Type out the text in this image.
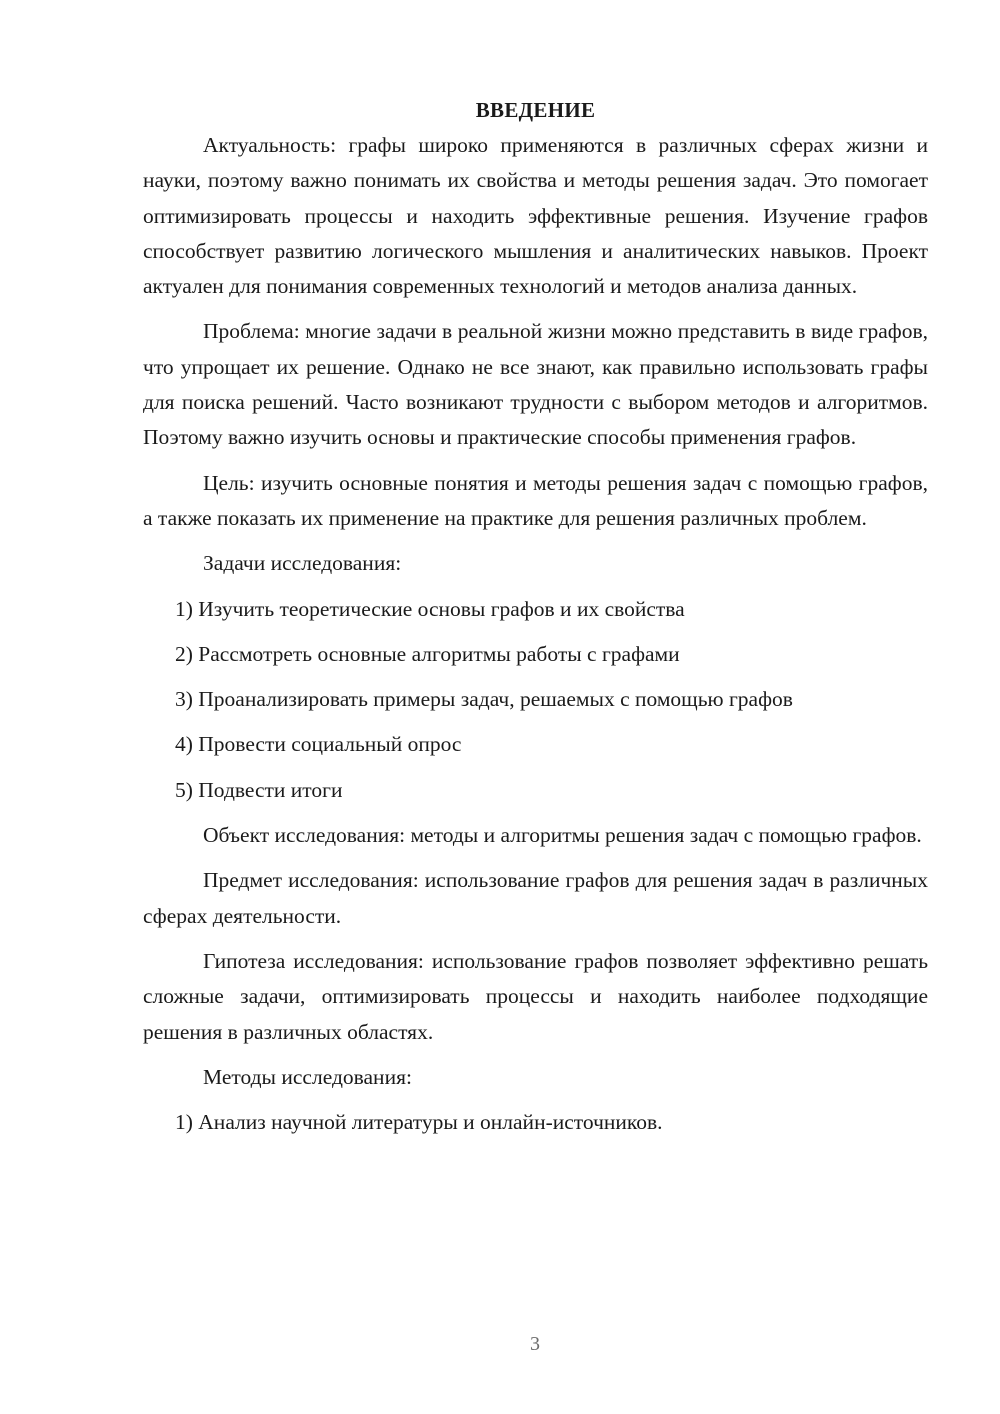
ВВЕДЕНИЕ

Актуальность: графы широко применяются в различных сферах жизни и науки, поэтому важно понимать их свойства и методы решения задач. Это помогает оптимизировать процессы и находить эффективные решения. Изучение графов способствует развитию логического мышления и аналитических навыков. Проект актуален для понимания современных технологий и методов анализа данных.

Проблема: многие задачи в реальной жизни можно представить в виде графов, что упрощает их решение. Однако не все знают, как правильно использовать графы для поиска решений. Часто возникают трудности с выбором методов и алгоритмов. Поэтому важно изучить основы и практические способы применения графов.

Цель: изучить основные понятия и методы решения задач с помощью графов, а также показать их применение на практике для решения различных проблем.

Задачи исследования:

1) Изучить теоретические основы графов и их свойства
2) Рассмотреть основные алгоритмы работы с графами
3) Проанализировать примеры задач, решаемых с помощью графов
4) Провести социальный опрос
5) Подвести итоги

Объект исследования: методы и алгоритмы решения задач с помощью графов.

Предмет исследования: использование графов для решения задач в различных сферах деятельности.

Гипотеза исследования: использование графов позволяет эффективно решать сложные задачи, оптимизировать процессы и находить наиболее подходящие решения в различных областях.

Методы исследования:

1) Анализ научной литературы и онлайн-источников.
3
